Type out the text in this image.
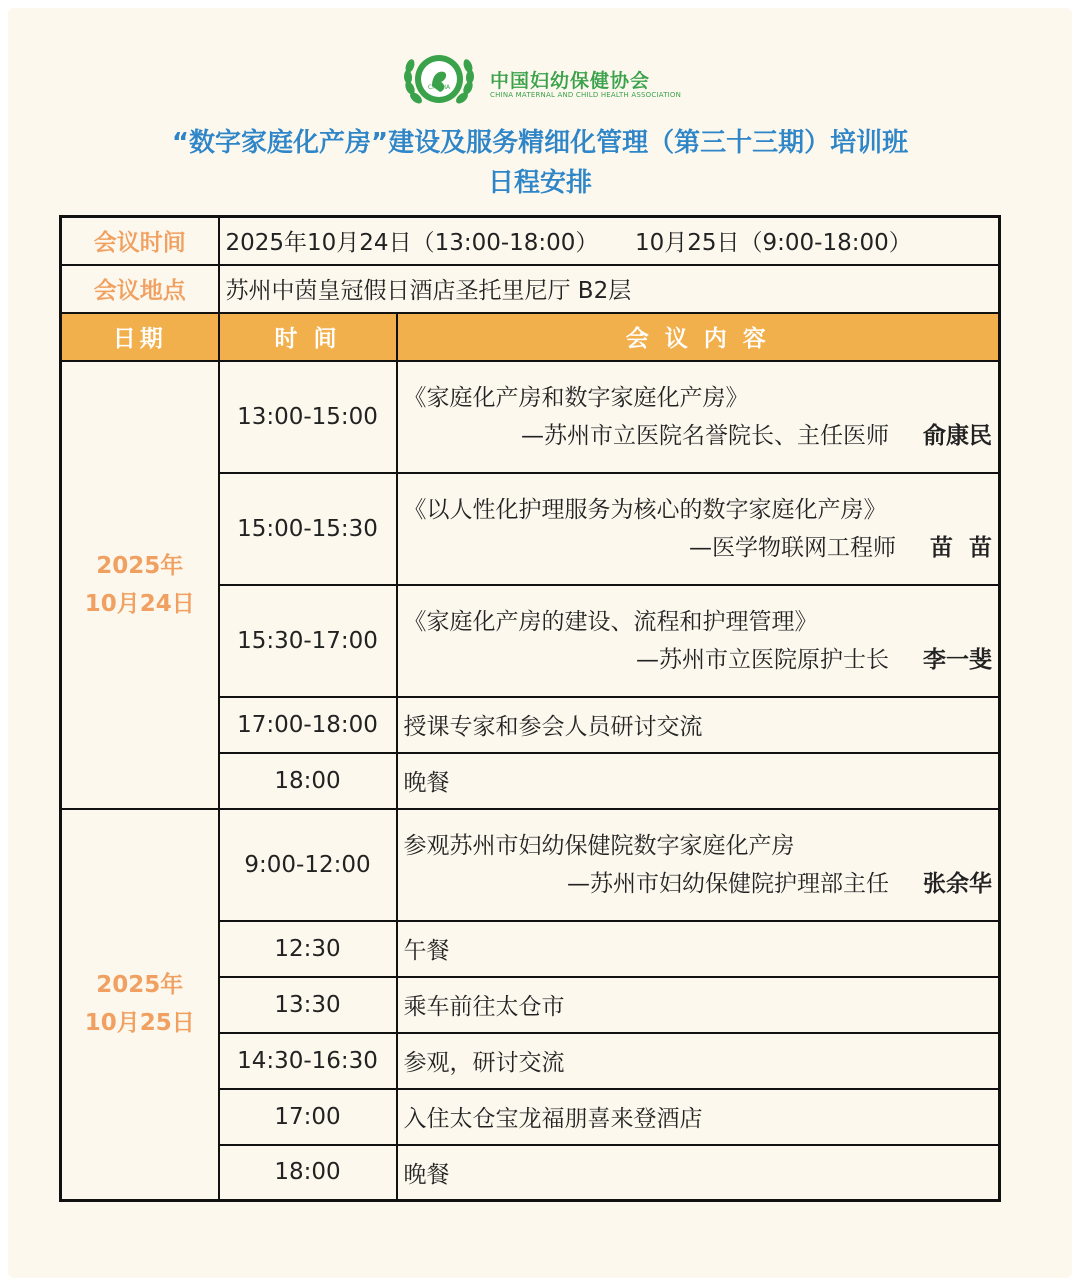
CMCHA 中国妇幼保健协会
CHINA MATERNAL AND CHILD HEALTH ASSOCIATION
“数字家庭化产房”建设及服务精细化管理（第三十三期）培训班
日程安排
会议时间	2025年10月24日（13:00-18:00）     10月25日（9:00-18:00）	
会议地点	苏州中茵皇冠假日酒店圣托里尼厅 B2层	
日期	时 间	会 议 内 容
2025年
10月24日	13:00-15:00	《家庭化产房和数字家庭化产房》
—苏州市立医院名誉院长、主任医师 俞康民

	15:00-15:30	《以人性化护理服务为核心的数字家庭化产房》
—医学物联网工程师 苗  苗

	15:30-17:00	《家庭化产房的建设、流程和护理管理》
—苏州市立医院原护士长 李一斐

	17:00-18:00	授课专家和参会人员研讨交流
	18:00	晚餐
2025年
10月25日	9:00-12:00	参观苏州市妇幼保健院数字家庭化产房
—苏州市妇幼保健院护理部主任 张余华

	12:30	午餐
	13:30	乘车前往太仓市
	14:30-16:30	参观，研讨交流
	17:00	入住太仓宝龙福朋喜来登酒店
	18:00	晚餐
